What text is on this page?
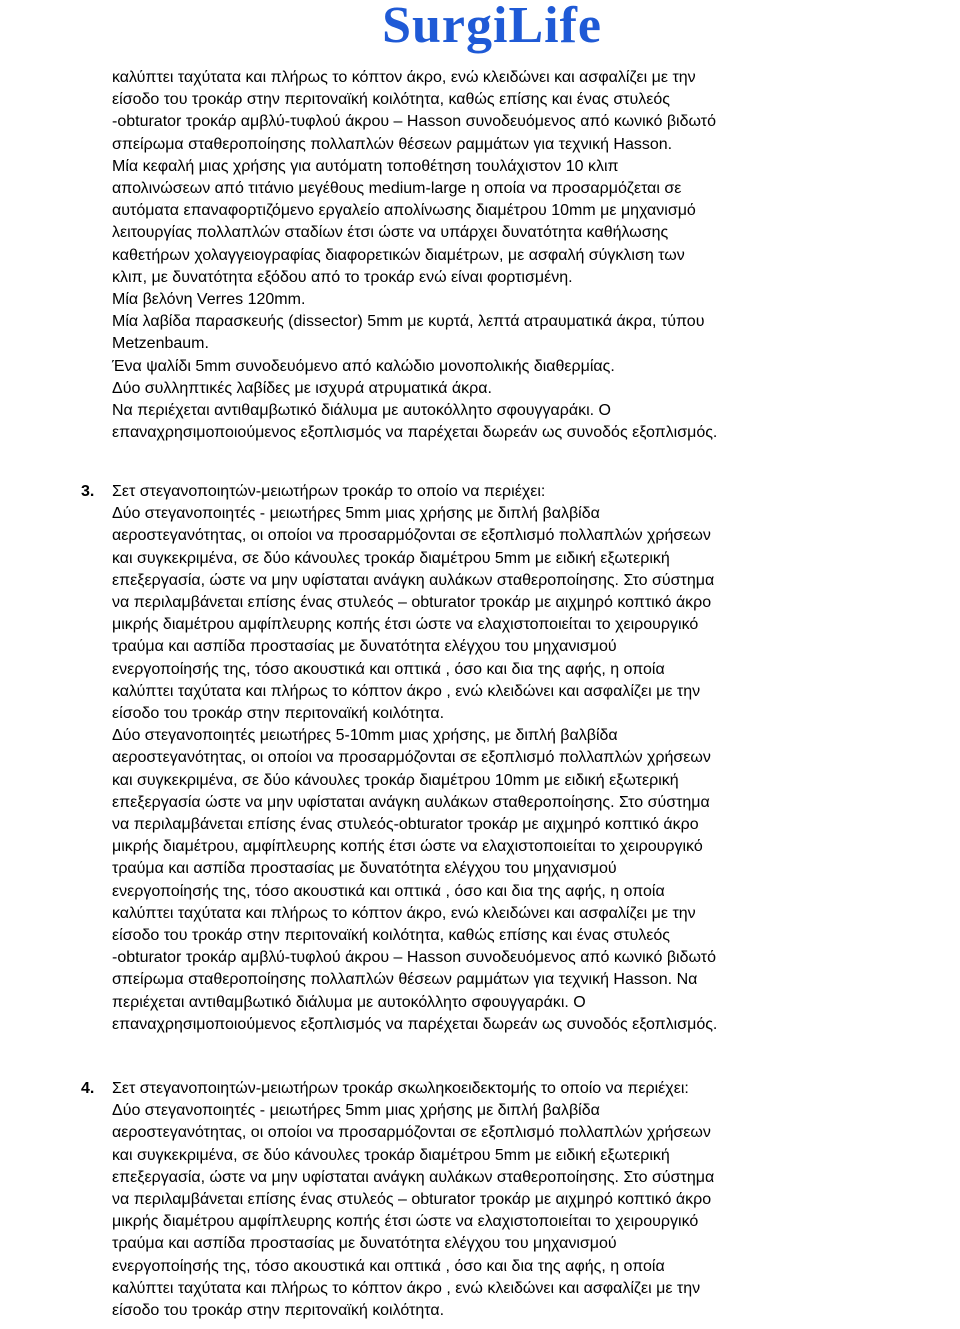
SurgiLife
καλύπτει ταχύτατα και πλήρως το κόπτον άκρο, ενώ κλειδώνει και ασφαλίζει με την
είσοδο του τροκάρ στην περιτοναϊκή κοιλότητα, καθώς επίσης και ένας στυλεός
-obturator τροκάρ αμβλύ-τυφλού άκρου – Hasson συνοδευόμενος από κωνικό βιδωτό
σπείρωμα σταθεροποίησης πολλαπλών θέσεων ραμμάτων για τεχνική Hasson.
Μία κεφαλή μιας χρήσης για αυτόματη τοποθέτηση τουλάχιστον 10 κλιπ
απολινώσεων από τιτάνιο μεγέθους medium-large η οποία να προσαρμόζεται σε
αυτόματα επαναφορτιζόμενο εργαλείο απολίνωσης διαμέτρου 10mm με μηχανισμό
λειτουργίας πολλαπλών σταδίων έτσι ώστε να υπάρχει δυνατότητα καθήλωσης
καθετήρων χολαγγειογραφίας διαφορετικών διαμέτρων, με ασφαλή σύγκλιση των
κλιπ, με δυνατότητα εξόδου από το τροκάρ ενώ είναι φορτισμένη.
Μία βελόνη Verres 120mm.
Μία λαβίδα παρασκευής (dissector) 5mm με κυρτά, λεπτά ατραυματικά άκρα, τύπου
Metzenbaum.
Ένα ψαλίδι 5mm συνοδευόμενο από καλώδιο μονοπολικής διαθερμίας.
Δύο συλληπτικές λαβίδες με ισχυρά ατρυματικά άκρα.
Να περιέχεται αντιθαμβωτικό διάλυμα με αυτοκόλλητο σφουγγαράκι. Ο
επαναχρησιμοποιούμενος εξοπλισμός να παρέχεται δωρεάν ως συνοδός εξοπλισμός.
3. Σετ στεγανοποιητών-μειωτήρων τροκάρ το οποίο να περιέχει:
Δύο στεγανοποιητές - μειωτήρες 5mm μιας χρήσης με διπλή βαλβίδα
αεροστεγανότητας, οι οποίοι να προσαρμόζονται σε εξοπλισμό πολλαπλών χρήσεων
και συγκεκριμένα, σε δύο κάνουλες τροκάρ διαμέτρου 5mm με ειδική εξωτερική
επεξεργασία, ώστε να μην υφίσταται ανάγκη αυλάκων σταθεροποίησης. Στο σύστημα
να περιλαμβάνεται επίσης ένας στυλεός – obturator τροκάρ με αιχμηρό κοπτικό άκρο
μικρής διαμέτρου αμφίπλευρης κοπής έτσι ώστε να ελαχιστοποιείται το χειρουργικό
τραύμα και ασπίδα προστασίας με δυνατότητα ελέγχου του μηχανισμού
ενεργοποίησής της, τόσο ακουστικά και οπτικά , όσο και δια της αφής, η οποία
καλύπτει ταχύτατα και πλήρως το κόπτον άκρο , ενώ κλειδώνει και ασφαλίζει με την
είσοδο του τροκάρ στην περιτοναϊκή κοιλότητα.
Δύο στεγανοποιητές μειωτήρες 5-10mm μιας χρήσης, με διπλή βαλβίδα
αεροστεγανότητας, οι οποίοι να προσαρμόζονται σε εξοπλισμό πολλαπλών χρήσεων
και συγκεκριμένα, σε δύο κάνουλες τροκάρ διαμέτρου 10mm με ειδική εξωτερική
επεξεργασία ώστε να μην υφίσταται ανάγκη αυλάκων σταθεροποίησης. Στο σύστημα
να περιλαμβάνεται επίσης ένας στυλεός-obturator τροκάρ με αιχμηρό κοπτικό άκρο
μικρής διαμέτρου, αμφίπλευρης κοπής έτσι ώστε να ελαχιστοποιείται το χειρουργικό
τραύμα και ασπίδα προστασίας με δυνατότητα ελέγχου του μηχανισμού
ενεργοποίησής της, τόσο ακουστικά και οπτικά , όσο και δια της αφής, η οποία
καλύπτει ταχύτατα και πλήρως το κόπτον άκρο, ενώ κλειδώνει και ασφαλίζει με την
είσοδο του τροκάρ στην περιτοναϊκή κοιλότητα, καθώς επίσης και ένας στυλεός
-obturator τροκάρ αμβλύ-τυφλού άκρου – Hasson συνοδευόμενος από κωνικό βιδωτό
σπείρωμα σταθεροποίησης πολλαπλών θέσεων ραμμάτων για τεχνική Hasson. Να
περιέχεται αντιθαμβωτικό διάλυμα με αυτοκόλλητο σφουγγαράκι. Ο
επαναχρησιμοποιούμενος εξοπλισμός να παρέχεται δωρεάν ως συνοδός εξοπλισμός.
4. Σετ στεγανοποιητών-μειωτήρων τροκάρ σκωληκοειδεκτομής το οποίο να περιέχει:
Δύο στεγανοποιητές - μειωτήρες 5mm μιας χρήσης με διπλή βαλβίδα
αεροστεγανότητας, οι οποίοι να προσαρμόζονται σε εξοπλισμό πολλαπλών χρήσεων
και συγκεκριμένα, σε δύο κάνουλες τροκάρ διαμέτρου 5mm με ειδική εξωτερική
επεξεργασία, ώστε να μην υφίσταται ανάγκη αυλάκων σταθεροποίησης. Στο σύστημα
να περιλαμβάνεται επίσης ένας στυλεός – obturator τροκάρ με αιχμηρό κοπτικό άκρο
μικρής διαμέτρου αμφίπλευρης κοπής έτσι ώστε να ελαχιστοποιείται το χειρουργικό
τραύμα και ασπίδα προστασίας με δυνατότητα ελέγχου του μηχανισμού
ενεργοποίησής της, τόσο ακουστικά και οπτικά , όσο και δια της αφής, η οποία
καλύπτει ταχύτατα και πλήρως το κόπτον άκρο , ενώ κλειδώνει και ασφαλίζει με την
είσοδο του τροκάρ στην περιτοναϊκή κοιλότητα.
